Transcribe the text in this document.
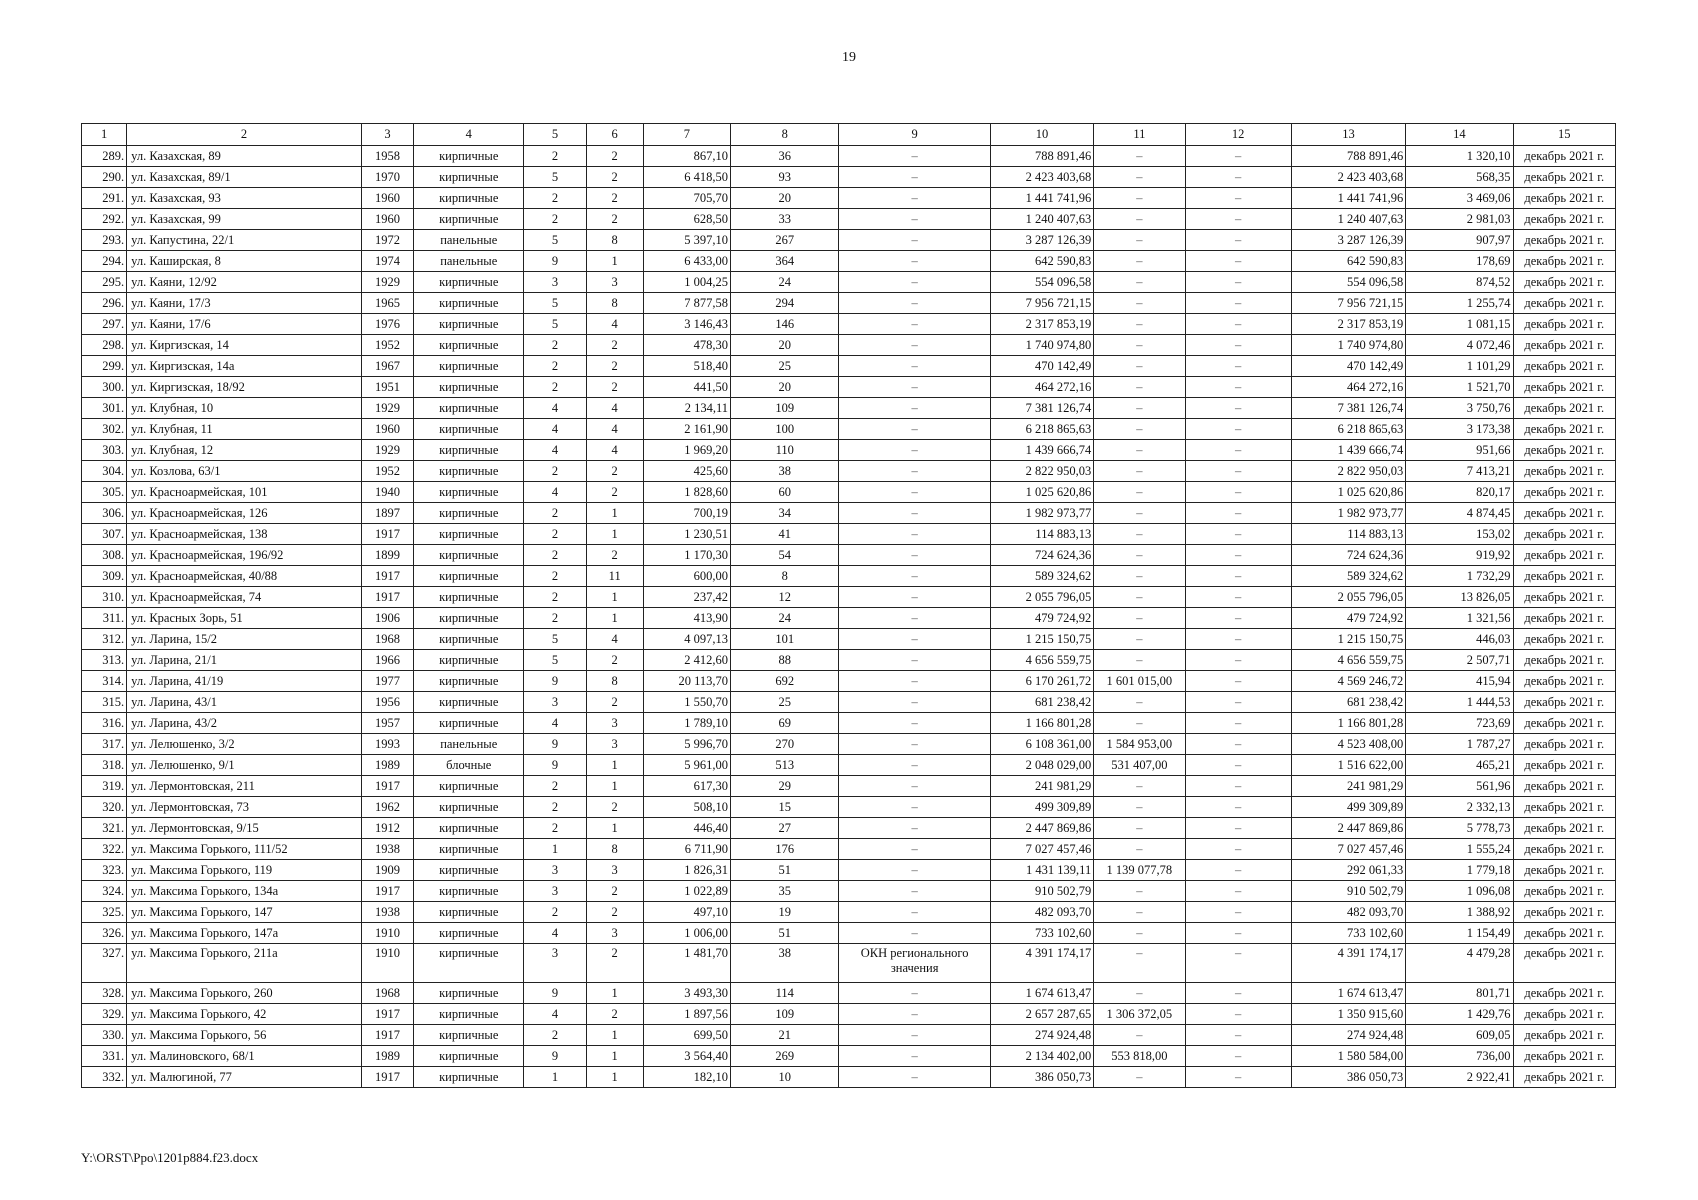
19
1	2	3	4	5	6	7	8	9	10	11	12	13	14	15
289.	ул. Казахская, 89	1958	кирпичные	2	2	867,10	36	–	788 891,46	–	–	788 891,46	1 320,10	декабрь 2021 г.
290.	ул. Казахская, 89/1	1970	кирпичные	5	2	6 418,50	93	–	2 423 403,68	–	–	2 423 403,68	568,35	декабрь 2021 г.
291.	ул. Казахская, 93	1960	кирпичные	2	2	705,70	20	–	1 441 741,96	–	–	1 441 741,96	3 469,06	декабрь 2021 г.
292.	ул. Казахская, 99	1960	кирпичные	2	2	628,50	33	–	1 240 407,63	–	–	1 240 407,63	2 981,03	декабрь 2021 г.
293.	ул. Капустина, 22/1	1972	панельные	5	8	5 397,10	267	–	3 287 126,39	–	–	3 287 126,39	907,97	декабрь 2021 г.
294.	ул. Каширская, 8	1974	панельные	9	1	6 433,00	364	–	642 590,83	–	–	642 590,83	178,69	декабрь 2021 г.
295.	ул. Каяни, 12/92	1929	кирпичные	3	3	1 004,25	24	–	554 096,58	–	–	554 096,58	874,52	декабрь 2021 г.
296.	ул. Каяни, 17/3	1965	кирпичные	5	8	7 877,58	294	–	7 956 721,15	–	–	7 956 721,15	1 255,74	декабрь 2021 г.
297.	ул. Каяни, 17/6	1976	кирпичные	5	4	3 146,43	146	–	2 317 853,19	–	–	2 317 853,19	1 081,15	декабрь 2021 г.
298.	ул. Киргизская, 14	1952	кирпичные	2	2	478,30	20	–	1 740 974,80	–	–	1 740 974,80	4 072,46	декабрь 2021 г.
299.	ул. Киргизская, 14а	1967	кирпичные	2	2	518,40	25	–	470 142,49	–	–	470 142,49	1 101,29	декабрь 2021 г.
300.	ул. Киргизская, 18/92	1951	кирпичные	2	2	441,50	20	–	464 272,16	–	–	464 272,16	1 521,70	декабрь 2021 г.
301.	ул. Клубная, 10	1929	кирпичные	4	4	2 134,11	109	–	7 381 126,74	–	–	7 381 126,74	3 750,76	декабрь 2021 г.
302.	ул. Клубная, 11	1960	кирпичные	4	4	2 161,90	100	–	6 218 865,63	–	–	6 218 865,63	3 173,38	декабрь 2021 г.
303.	ул. Клубная, 12	1929	кирпичные	4	4	1 969,20	110	–	1 439 666,74	–	–	1 439 666,74	951,66	декабрь 2021 г.
304.	ул. Козлова, 63/1	1952	кирпичные	2	2	425,60	38	–	2 822 950,03	–	–	2 822 950,03	7 413,21	декабрь 2021 г.
305.	ул. Красноармейская, 101	1940	кирпичные	4	2	1 828,60	60	–	1 025 620,86	–	–	1 025 620,86	820,17	декабрь 2021 г.
306.	ул. Красноармейская, 126	1897	кирпичные	2	1	700,19	34	–	1 982 973,77	–	–	1 982 973,77	4 874,45	декабрь 2021 г.
307.	ул. Красноармейская, 138	1917	кирпичные	2	1	1 230,51	41	–	114 883,13	–	–	114 883,13	153,02	декабрь 2021 г.
308.	ул. Красноармейская, 196/92	1899	кирпичные	2	2	1 170,30	54	–	724 624,36	–	–	724 624,36	919,92	декабрь 2021 г.
309.	ул. Красноармейская, 40/88	1917	кирпичные	2	11	600,00	8	–	589 324,62	–	–	589 324,62	1 732,29	декабрь 2021 г.
310.	ул. Красноармейская, 74	1917	кирпичные	2	1	237,42	12	–	2 055 796,05	–	–	2 055 796,05	13 826,05	декабрь 2021 г.
311.	ул. Красных Зорь, 51	1906	кирпичные	2	1	413,90	24	–	479 724,92	–	–	479 724,92	1 321,56	декабрь 2021 г.
312.	ул. Ларина, 15/2	1968	кирпичные	5	4	4 097,13	101	–	1 215 150,75	–	–	1 215 150,75	446,03	декабрь 2021 г.
313.	ул. Ларина, 21/1	1966	кирпичные	5	2	2 412,60	88	–	4 656 559,75	–	–	4 656 559,75	2 507,71	декабрь 2021 г.
314.	ул. Ларина, 41/19	1977	кирпичные	9	8	20 113,70	692	–	6 170 261,72	1 601 015,00	–	4 569 246,72	415,94	декабрь 2021 г.
315.	ул. Ларина, 43/1	1956	кирпичные	3	2	1 550,70	25	–	681 238,42	–	–	681 238,42	1 444,53	декабрь 2021 г.
316.	ул. Ларина, 43/2	1957	кирпичные	4	3	1 789,10	69	–	1 166 801,28	–	–	1 166 801,28	723,69	декабрь 2021 г.
317.	ул. Лелюшенко, 3/2	1993	панельные	9	3	5 996,70	270	–	6 108 361,00	1 584 953,00	–	4 523 408,00	1 787,27	декабрь 2021 г.
318.	ул. Лелюшенко, 9/1	1989	блочные	9	1	5 961,00	513	–	2 048 029,00	531 407,00	–	1 516 622,00	465,21	декабрь 2021 г.
319.	ул. Лермонтовская, 211	1917	кирпичные	2	1	617,30	29	–	241 981,29	–	–	241 981,29	561,96	декабрь 2021 г.
320.	ул. Лермонтовская, 73	1962	кирпичные	2	2	508,10	15	–	499 309,89	–	–	499 309,89	2 332,13	декабрь 2021 г.
321.	ул. Лермонтовская, 9/15	1912	кирпичные	2	1	446,40	27	–	2 447 869,86	–	–	2 447 869,86	5 778,73	декабрь 2021 г.
322.	ул. Максима Горького, 111/52	1938	кирпичные	1	8	6 711,90	176	–	7 027 457,46	–	–	7 027 457,46	1 555,24	декабрь 2021 г.
323.	ул. Максима Горького, 119	1909	кирпичные	3	3	1 826,31	51	–	1 431 139,11	1 139 077,78	–	292 061,33	1 779,18	декабрь 2021 г.
324.	ул. Максима Горького, 134а	1917	кирпичные	3	2	1 022,89	35	–	910 502,79	–	–	910 502,79	1 096,08	декабрь 2021 г.
325.	ул. Максима Горького, 147	1938	кирпичные	2	2	497,10	19	–	482 093,70	–	–	482 093,70	1 388,92	декабрь 2021 г.
326.	ул. Максима Горького, 147а	1910	кирпичные	4	3	1 006,00	51	–	733 102,60	–	–	733 102,60	1 154,49	декабрь 2021 г.
327.	ул. Максима Горького, 211а	1910	кирпичные	3	2	1 481,70	38	ОКН регионального значения	4 391 174,17	–	–	4 391 174,17	4 479,28	декабрь 2021 г.
328.	ул. Максима Горького, 260	1968	кирпичные	9	1	3 493,30	114	–	1 674 613,47	–	–	1 674 613,47	801,71	декабрь 2021 г.
329.	ул. Максима Горького, 42	1917	кирпичные	4	2	1 897,56	109	–	2 657 287,65	1 306 372,05	–	1 350 915,60	1 429,76	декабрь 2021 г.
330.	ул. Максима Горького, 56	1917	кирпичные	2	1	699,50	21	–	274 924,48	–	–	274 924,48	609,05	декабрь 2021 г.
331.	ул. Малиновского, 68/1	1989	кирпичные	9	1	3 564,40	269	–	2 134 402,00	553 818,00	–	1 580 584,00	736,00	декабрь 2021 г.
332.	ул. Малюгиной, 77	1917	кирпичные	1	1	182,10	10	–	386 050,73	–	–	386 050,73	2 922,41	декабрь 2021 г.
Y:\ORST\Ppo\1201p884.f23.docx
